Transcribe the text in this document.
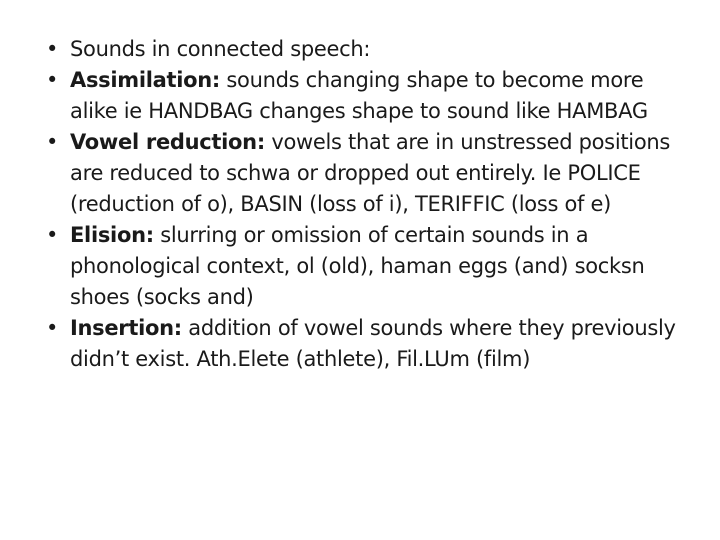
• Sounds in connected speech:
• Assimilation: sounds changing shape to become more alike ie HANDBAG changes shape to sound like HAMBAG
• Vowel reduction: vowels that are in unstressed positions are reduced to schwa or dropped out entirely. Ie POLICE (reduction of o), BASIN (loss of i), TERIFFIC (loss of e)
• Elision: slurring or omission of certain sounds in a phonological context, ol (old), haman eggs (and) socksn shoes (socks and)
• Insertion: addition of vowel sounds where they previously didn’t exist. Ath.Elete (athlete), Fil.LUm (film)
